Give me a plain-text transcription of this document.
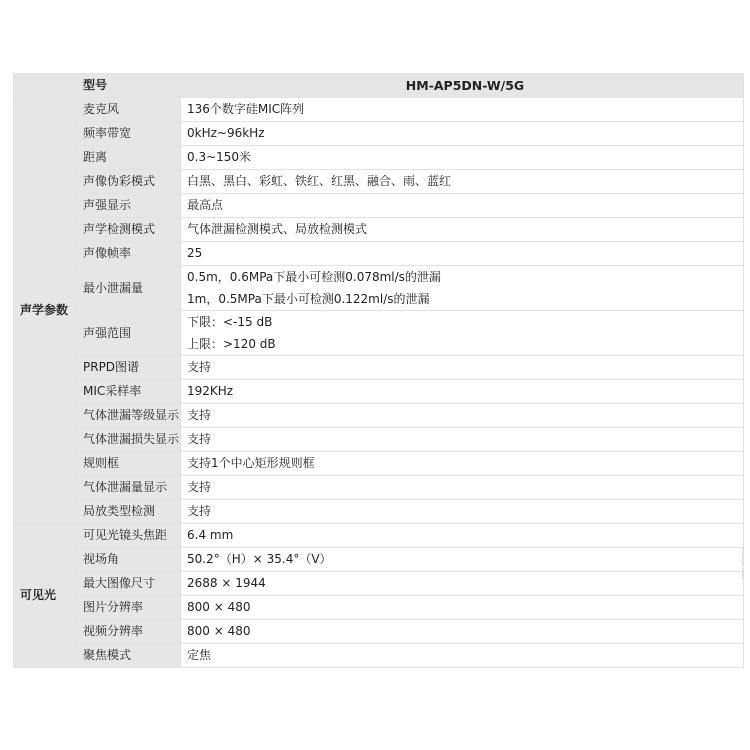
	型号	HM-AP5DN-W/5G
声学参数	麦克风	136个数字硅MIC阵列
	频率带宽	0kHz~96kHz
	距离	0.3~150米
	声像伪彩模式	白黑、黑白、彩虹、铁红、红黑、融合、雨、蓝红
	声强显示	最高点
	声学检测模式	气体泄漏检测模式、局放检测模式
	声像帧率	25
	最小泄漏量	0.5m，0.6MPa下最小可检测0.078ml/s的泄漏
1m，0.5MPa下最小可检测0.122ml/s的泄漏

	声强范围	下限：<-15 dB
上限：>120 dB

	PRPD图谱	支持
	MIC采样率	192KHz
	气体泄漏等级显示	支持
	气体泄漏损失显示	支持
	规则框	支持1个中心矩形规则框
	气体泄漏量显示	支持
	局放类型检测	支持
可见光	可见光镜头焦距	6.4 mm
	视场角	50.2°（H）× 35.4°（V）
	最大图像尺寸	2688 × 1944
	图片分辨率	800 × 480
	视频分辨率	800 × 480
	聚焦模式	定焦
